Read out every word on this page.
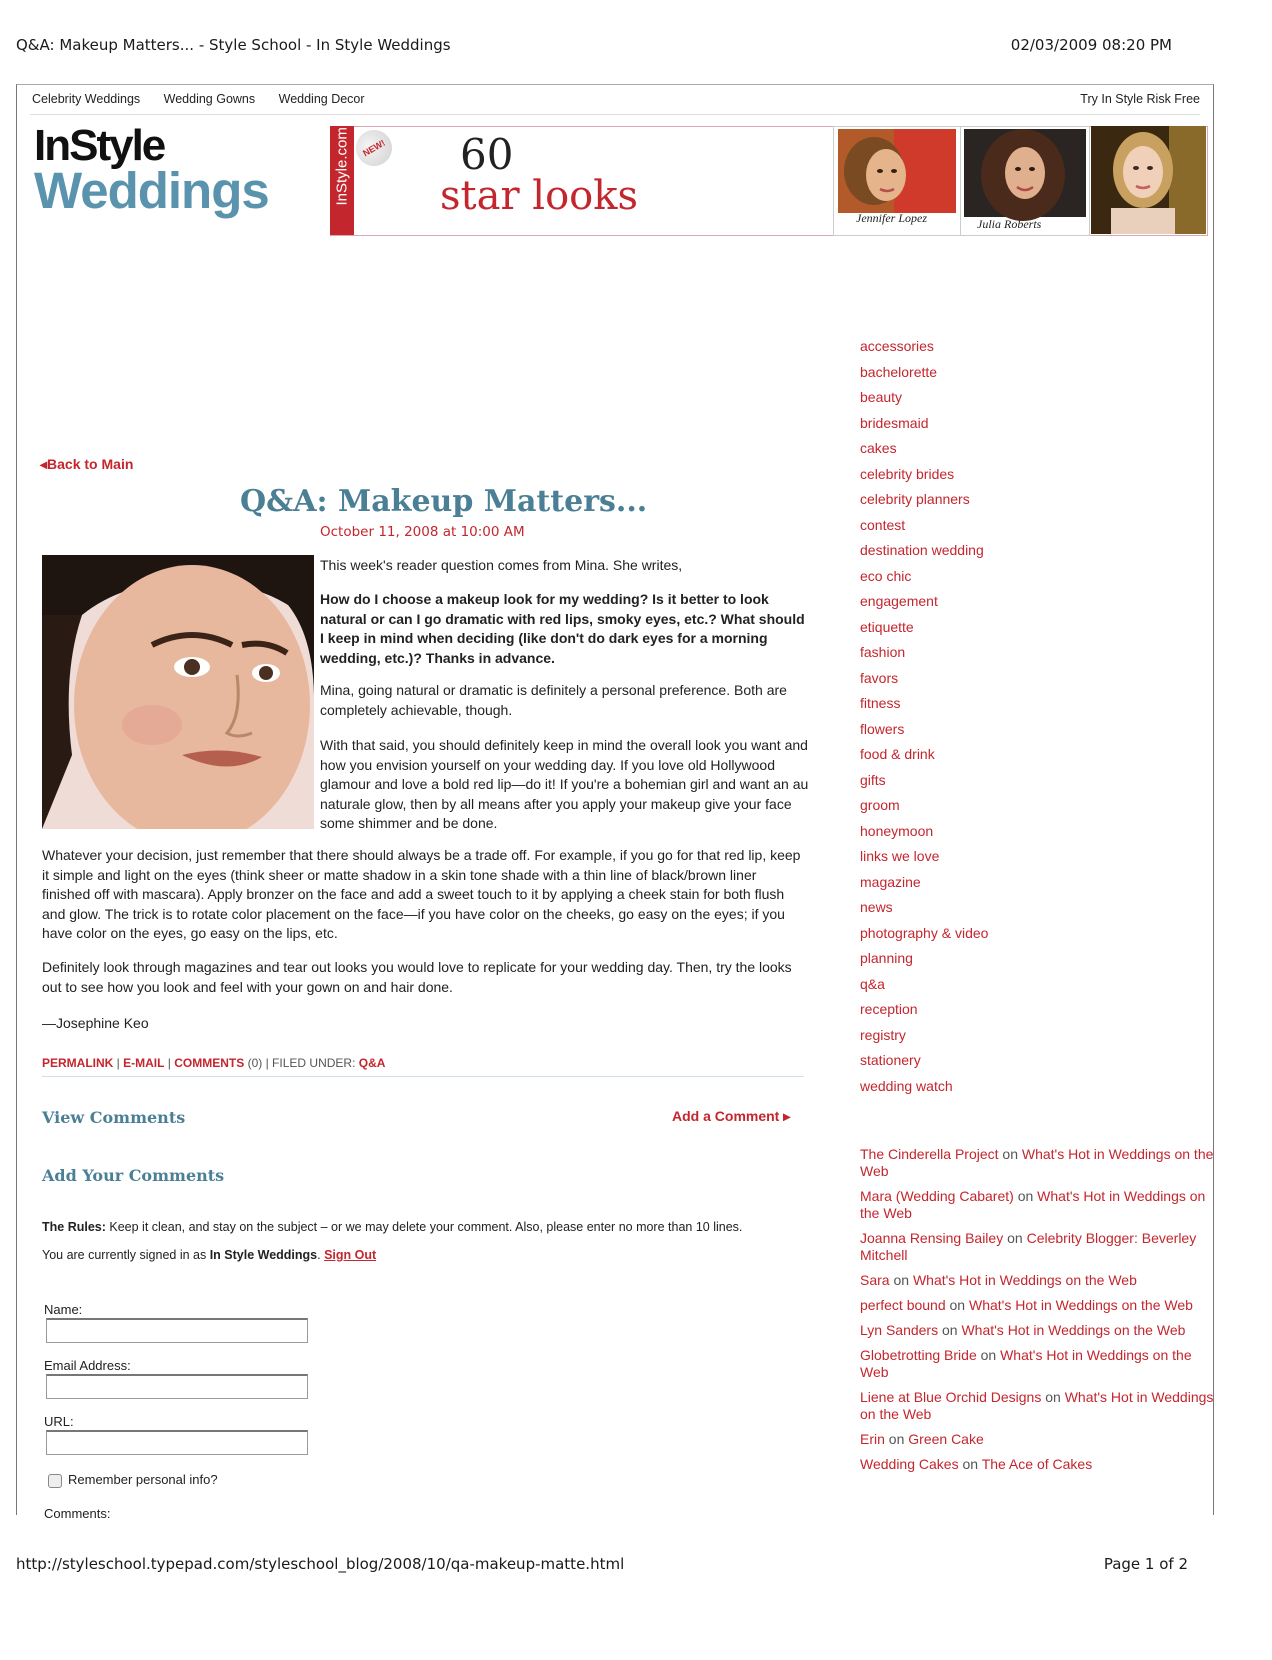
Q&A: Makeup Matters... - Style School - In Style Weddings	02/03/2009 08:20 PM
http://styleschool.typepad.com/styleschool_blog/2008/10/qa-makeup-matte.html	Page 1 of 2
Celebrity Weddings Wedding Gowns Wedding Decor	Try In Style Risk Free
InStyle
Weddings
NEW! 60
star looks	Jennifer Lopez	Julia Roberts
◂Back to Main
Q&A: Makeup Matters...
October 11, 2008 at 10:00 AM
This week's reader question comes from Mina. She writes,
How do I choose a makeup look for my wedding? Is it better to look natural or can I go dramatic with red lips, smoky eyes, etc.? What should I keep in mind when deciding (like don't do dark eyes for a morning wedding, etc.)? Thanks in advance.
Mina, going natural or dramatic is definitely a personal preference. Both are completely achievable, though.
With that said, you should definitely keep in mind the overall look you want and how you envision yourself on your wedding day. If you love old Hollywood glamour and love a bold red lip—do it! If you're a bohemian girl and want an au naturale glow, then by all means after you apply your makeup give your face some shimmer and be done.
Whatever your decision, just remember that there should always be a trade off. For example, if you go for that red lip, keep it simple and light on the eyes (think sheer or matte shadow in a skin tone shade with a thin line of black/brown liner finished off with mascara). Apply bronzer on the face and add a sweet touch to it by applying a cheek stain for both flush and glow. The trick is to rotate color placement on the face—if you have color on the cheeks, go easy on the eyes; if you have color on the eyes, go easy on the lips, etc.
Definitely look through magazines and tear out looks you would love to replicate for your wedding day. Then, try the looks out to see how you look and feel with your gown on and hair done.
—Josephine Keo
PERMALINK | E-MAIL | COMMENTS (0) | FILED UNDER: Q&A
View Comments	Add a Comment ▸
Add Your Comments
The Rules: Keep it clean, and stay on the subject – or we may delete your comment. Also, please enter no more than 10 lines.
You are currently signed in as In Style Weddings. Sign Out
Name:
Email Address:
URL:
Remember personal info?
Comments:
accessories
bachelorette
beauty
bridesmaid
cakes
celebrity brides
celebrity planners
contest
destination wedding
eco chic
engagement
etiquette
fashion
favors
fitness
flowers
food & drink
gifts
groom
honeymoon
links we love
magazine
news
photography & video
planning
q&a
reception
registry
stationery
wedding watch
The Cinderella Project on What's Hot in Weddings on the Web
Mara (Wedding Cabaret) on What's Hot in Weddings on the Web
Joanna Rensing Bailey on Celebrity Blogger: Beverley Mitchell
Sara on What's Hot in Weddings on the Web
perfect bound on What's Hot in Weddings on the Web
Lyn Sanders on What's Hot in Weddings on the Web
Globetrotting Bride on What's Hot in Weddings on the Web
Liene at Blue Orchid Designs on What's Hot in Weddings on the Web
Erin on Green Cake
Wedding Cakes on The Ace of Cakes
